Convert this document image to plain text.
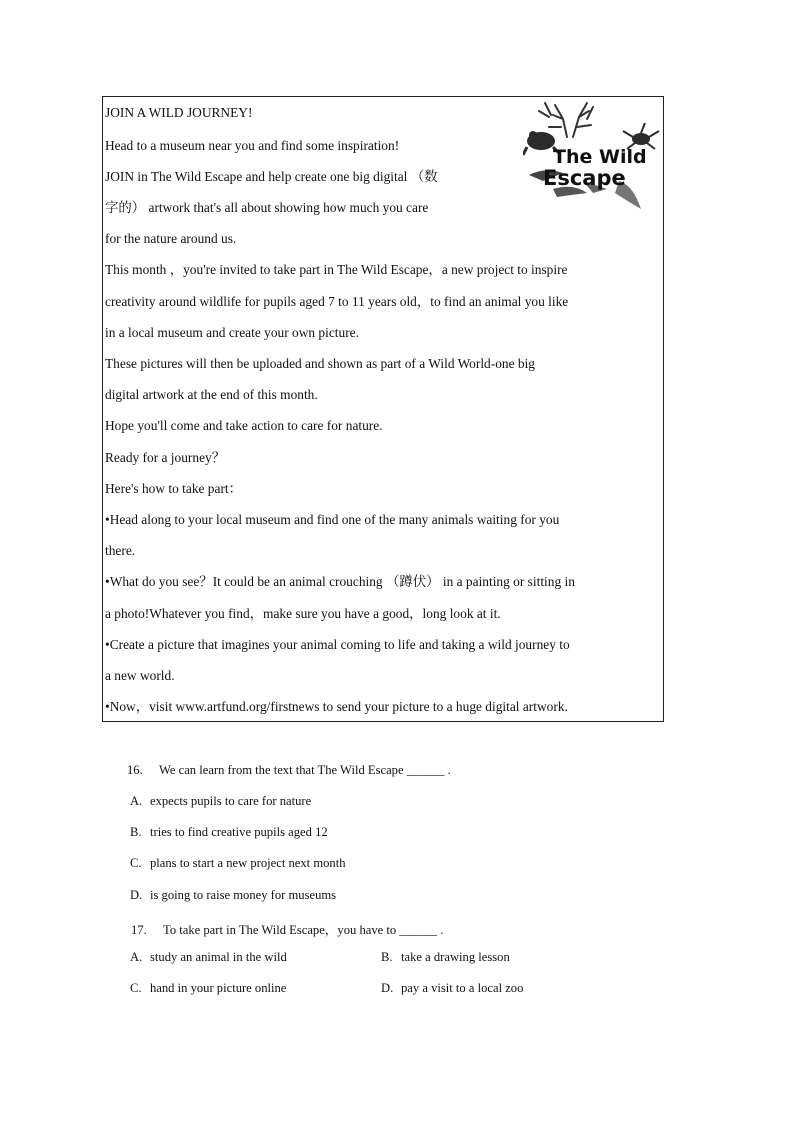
JOIN A WILD JOURNEY!
Head to a museum near you and find some inspiration!
JOIN in The Wild Escape and help create one big digital （数
字的） artwork that's all about showing how much you care
for the nature around us.
This month ，you're invited to take part in The Wild Escape，a new project to inspire
creativity around wildlife for pupils aged 7 to 11 years old，to find an animal you like
in a local museum and create your own picture.
These pictures will then be uploaded and shown as part of a Wild World-one big
digital artwork at the end of this month.
Hope you'll come and take action to care for nature.
Ready for a journey？
Here's how to take part：
•Head along to your local museum and find one of the many animals waiting for you
there.
•What do you see？It could be an animal crouching （蹲伏） in a painting or sitting in
a photo!Whatever you find，make sure you have a good，long look at it.
•Create a picture that imagines your animal coming to life and taking a wild journey to
a new world.
•Now，visit www.artfund.org/firstnews to send your picture to a huge digital artwork.
The Wild
Escape
16. We can learn from the text that The Wild Escape ______ .
A. expects pupils to care for nature
B. tries to find creative pupils aged 12
C. plans to start a new project next month
D. is going to raise money for museums
17. To take part in The Wild Escape，you have to ______ .
A. study an animal in the wild	B. take a drawing lesson
C. hand in your picture online	D. pay a visit to a local zoo
